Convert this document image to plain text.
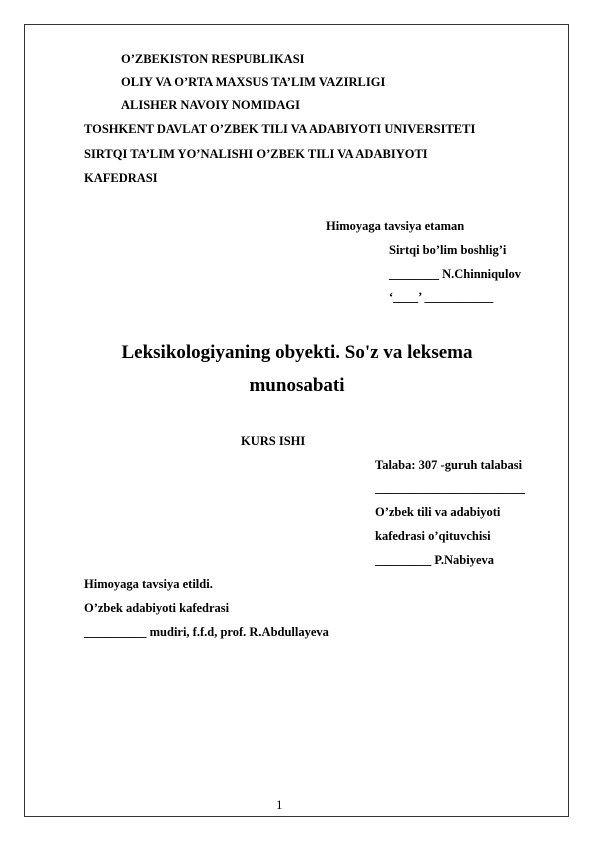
O’ZBEKISTON RESPUBLIKASI
OLIY VA O’RTA MAXSUS TA’LIM VAZIRLIGI
ALISHER NAVOIY NOMIDAGI
TOSHKENT DAVLAT O’ZBEK TILI VA ADABIYOTI UNIVERSITETI
SIRTQI TA’LIM YO’NALISHI O’ZBEK TILI VA ADABIYOTI
KAFEDRASI
Himoyaga tavsiya etaman
Sirtqi bo’lim boshlig’i
________ N.Chinniqulov
‘____’ ___________
Leksikologiyaning obyekti. So'z va leksema
munosabati
KURS ISHI
Talaba: 307 -guruh talabasi
________________________
O’zbek tili va adabiyoti
kafedrasi o’qituvchisi
_________ P.Nabiyeva
Himoyaga tavsiya etildi.
O’zbek adabiyoti kafedrasi
__________ mudiri, f.f.d, prof. R.Abdullayeva
1
